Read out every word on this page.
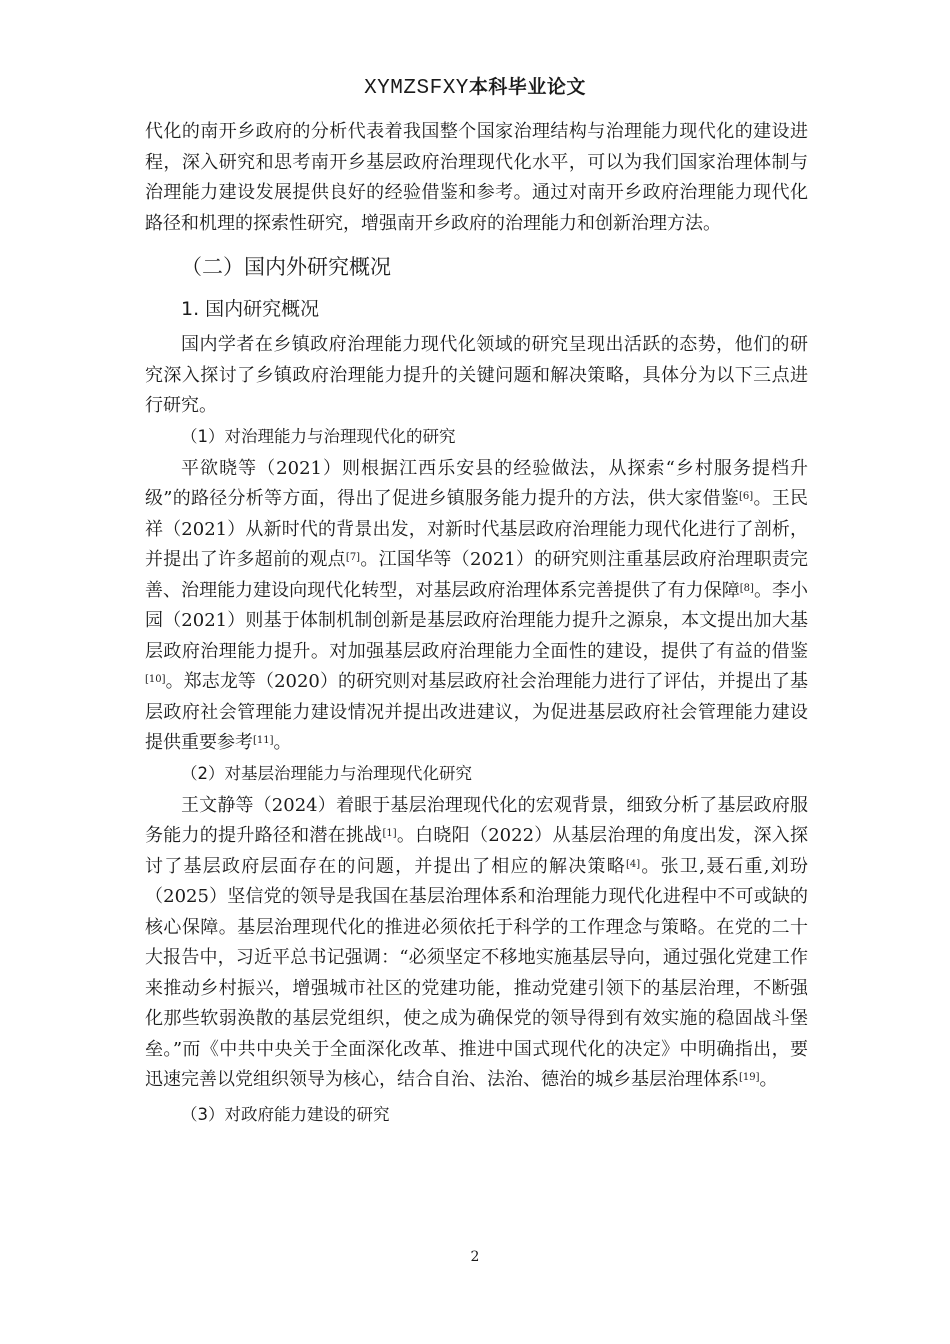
XYMZSFXY本科毕业论文

代化的南开乡政府的分析代表着我国整个国家治理结构与治理能力现代化的建设进程，深入研究和思考南开乡基层政府治理现代化水平，可以为我们国家治理体制与治理能力建设发展提供良好的经验借鉴和参考。通过对南开乡政府治理能力现代化路径和机理的探索性研究，增强南开乡政府的治理能力和创新治理方法。

（二）国内外研究概况
1. 国内研究概况

国内学者在乡镇政府治理能力现代化领域的研究呈现出活跃的态势，他们的研究深入探讨了乡镇政府治理能力提升的关键问题和解决策略，具体分为以下三点进行研究。

（1）对治理能力与治理现代化的研究

平欲晓等（2021）则根据江西乐安县的经验做法，从探索“乡村服务提档升级”的路径分析等方面，得出了促进乡镇服务能力提升的方法，供大家借鉴[6]。王民祥（2021）从新时代的背景出发，对新时代基层政府治理能力现代化进行了剖析，并提出了许多超前的观点[7]。江国华等（2021）的研究则注重基层政府治理职责完善、治理能力建设向现代化转型，对基层政府治理体系完善提供了有力保障[8]。李小园（2021）则基于体制机制创新是基层政府治理能力提升之源泉，本文提出加大基层政府治理能力提升。对加强基层政府治理能力全面性的建设，提供了有益的借鉴[10]。郑志龙等（2020）的研究则对基层政府社会治理能力进行了评估，并提出了基层政府社会管理能力建设情况并提出改进建议，为促进基层政府社会管理能力建设提供重要参考[11]。

（2）对基层治理能力与治理现代化研究

王文静等（2024）着眼于基层治理现代化的宏观背景，细致分析了基层政府服务能力的提升路径和潜在挑战[1]。白晓阳（2022）从基层治理的角度出发，深入探讨了基层政府层面存在的问题，并提出了相应的解决策略[4]。张卫,聂石重,刘玢（2025）坚信党的领导是我国在基层治理体系和治理能力现代化进程中不可或缺的核心保障。基层治理现代化的推进必须依托于科学的工作理念与策略。在党的二十大报告中，习近平总书记强调：“必须坚定不移地实施基层导向，通过强化党建工作来推动乡村振兴，增强城市社区的党建功能，推动党建引领下的基层治理，不断强化那些软弱涣散的基层党组织，使之成为确保党的领导得到有效实施的稳固战斗堡垒。”而《中共中央关于全面深化改革、推进中国式现代化的决定》中明确指出，要迅速完善以党组织领导为核心，结合自治、法治、德治的城乡基层治理体系[19]。

（3）对政府能力建设的研究
2
